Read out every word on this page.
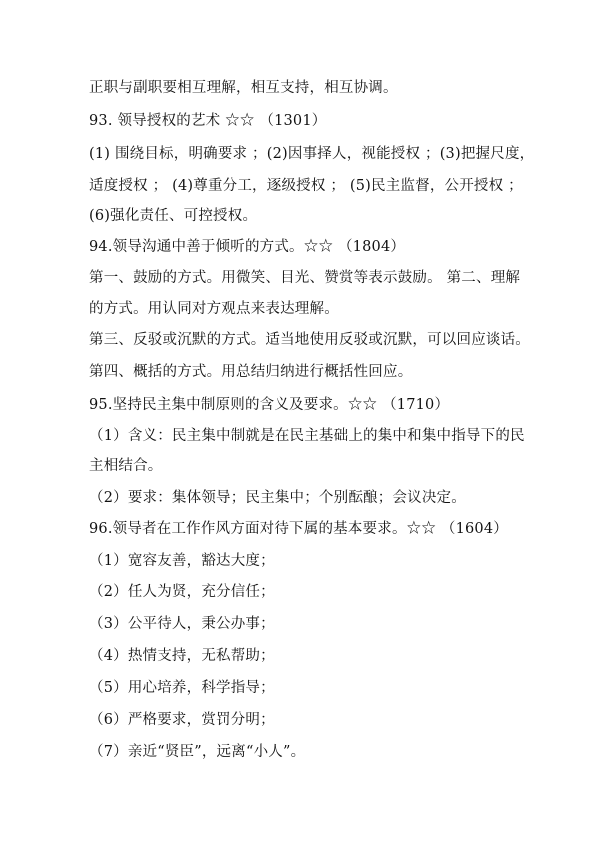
正职与副职要相互理解，相互支持，相互协调。
93. 领导授权的艺术 ☆☆ （1301）
(1) 围绕目标，明确要求 ；(2)因事择人，视能授权 ；(3)把握尺度，
适度授权 ； (4)尊重分工，逐级授权 ； (5)民主监督，公开授权 ；
(6)强化责任、可控授权。
94.领导沟通中善于倾听的方式。☆☆ （1804）
第一、鼓励的方式。用微笑、目光、赞赏等表示鼓励。 第二、理解
的方式。用认同对方观点来表达理解。
第三、反驳或沉默的方式。适当地使用反驳或沉默，可以回应谈话。
第四、概括的方式。用总结归纳进行概括性回应。
95.坚持民主集中制原则的含义及要求。☆☆ （1710）
（1）含义：民主集中制就是在民主基础上的集中和集中指导下的民
主相结合。
（2）要求：集体领导；民主集中；个别酝酿；会议决定。
96.领导者在工作作风方面对待下属的基本要求。☆☆ （1604）
（1）宽容友善，豁达大度；
（2）任人为贤，充分信任；
（3）公平待人，秉公办事；
（4）热情支持，无私帮助；
（5）用心培养，科学指导；
（6）严格要求，赏罚分明；
（7）亲近“贤臣”，远离“小人”。
